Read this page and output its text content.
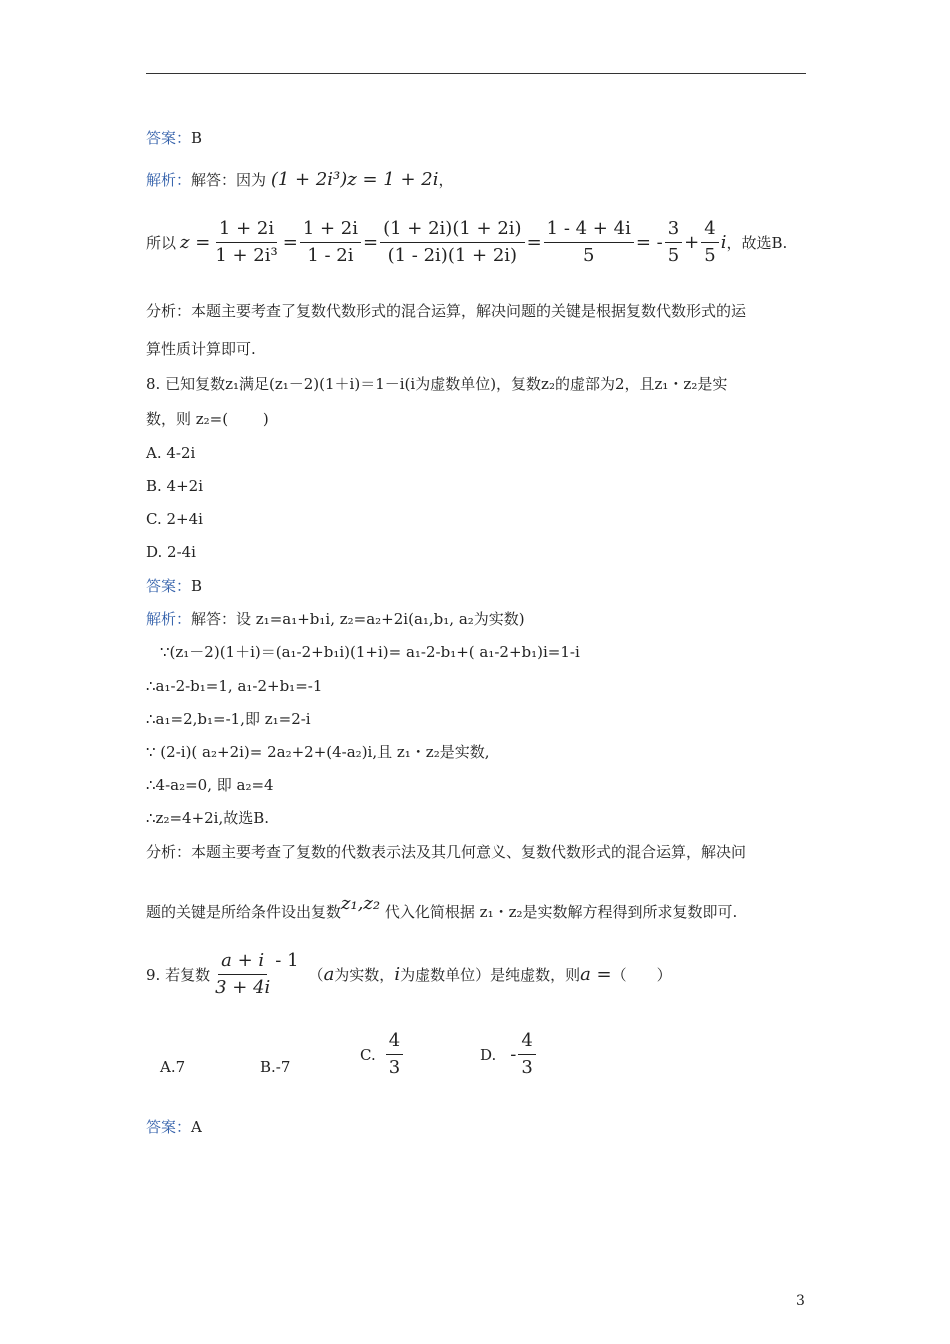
答案：B
解析：解答：因为 (1 + 2i³)z = 1 + 2i，
所以 $z = \frac{1 + 2i}{\text{1 + 2i³}} = \frac{1 + 2i}{1 - 2i} = \frac{(1 + 2i)(1 + 2i)}{(1 - 2i)(1 + 2i)} = \frac{1 - 4 + 4i}{5}$ = - $\frac{3}{5} + \frac{4}{5}$ i ，故选B.
分析：本题主要考查了复数代数形式的混合运算，解决问题的关键是根据复数代数形式的运
算性质计算即可.
8. 已知复数z₁满足(z₁－2)(1＋i)＝1－i(i为虚数单位)，复数z₂的虚部为2，且z₁・z₂是实
数，则 z₂=(　　 )
A. 4-2i
B. 4+2i
C. 2+4i
D. 2-4i
答案：B
解析：解答：设 z₁=a₁+b₁i, z₂=a₂+2i(a₁,b₁, a₂为实数)
∵(z₁－2)(1＋i)＝(a₁-2+b₁i)(1+i)= a₁-2-b₁+( a₁-2+b₁)i=1-i
∴a₁-2-b₁=1, a₁-2+b₁=-1
∴a₁=2,b₁=-1,即 z₁=2-i
∵ (2-i)( a₂+2i)= 2a₂+2+(4-a₂)i,且 z₁・z₂是实数,
∴4-a₂=0, 即 a₂=4
∴z₂=4+2i,故选B.
分析：本题主要考查了复数的代数表示法及其几何意义、复数代数形式的混合运算，解决问
题的关键是所给条件设出复数z₁,z₂ 代入化简根据 z₁・z₂是实数解方程得到所求复数即可.
9. 若复数 $\frac{a + i}{3 + 4i} - 1$
（ a 为实数， i 为虚数单位）是纯虚数，则 a = （　　）
A.7	B.-7
C. $\frac{4}{3}$	D. - $\frac{4}{3}$
答案：A
3
